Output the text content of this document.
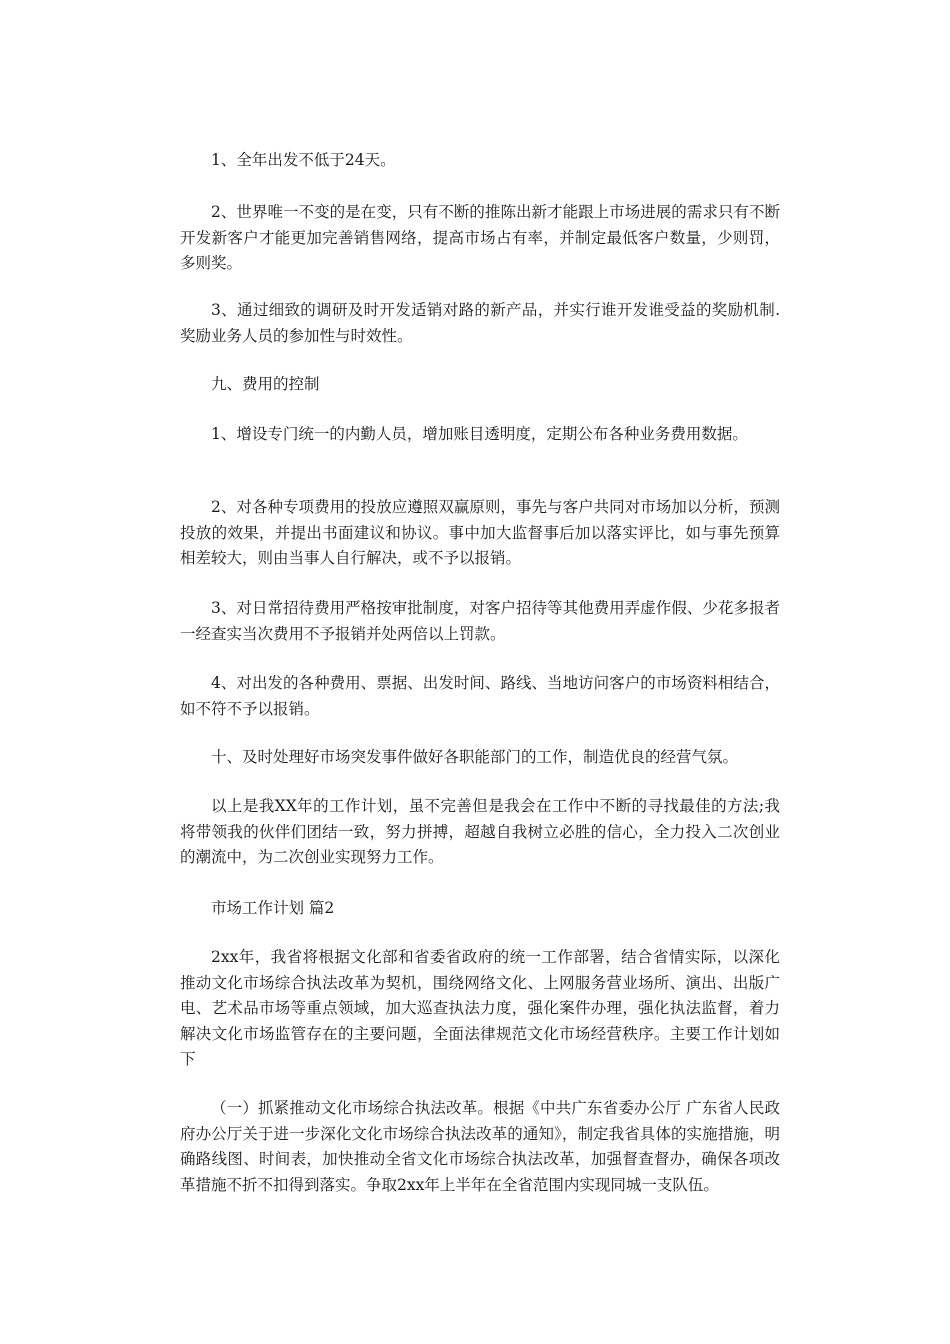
1、全年出发不低于24天。

2、世界唯一不变的是在变，只有不断的推陈出新才能跟上市场进展的需求只有不断开发新客户才能更加完善销售网络，提高市场占有率，并制定最低客户数量，少则罚，多则奖。

3、通过细致的调研及时开发适销对路的新产品，并实行谁开发谁受益的奖励机制.奖励业务人员的参加性与时效性。

九、费用的控制

1、增设专门统一的内勤人员，增加账目透明度，定期公布各种业务费用数据。

2、对各种专项费用的投放应遵照双赢原则，事先与客户共同对市场加以分析，预测投放的效果，并提出书面建议和协议。事中加大监督事后加以落实评比，如与事先预算相差较大，则由当事人自行解决，或不予以报销。

3、对日常招待费用严格按审批制度，对客户招待等其他费用弄虚作假、少花多报者一经查实当次费用不予报销并处两倍以上罚款。

4、对出发的各种费用、票据、出发时间、路线、当地访问客户的市场资料相结合，如不符不予以报销。

十、及时处理好市场突发事件做好各职能部门的工作，制造优良的经营气氛。

以上是我XX年的工作计划，虽不完善但是我会在工作中不断的寻找最佳的方法;我将带领我的伙伴们团结一致，努力拼搏，超越自我树立必胜的信心，全力投入二次创业的潮流中，为二次创业实现努力工作。

市场工作计划 篇2

2xx年，我省将根据文化部和省委省政府的统一工作部署，结合省情实际，以深化推动文化市场综合执法改革为契机，围绕网络文化、上网服务营业场所、演出、出版广电、艺术品市场等重点领域，加大巡查执法力度，强化案件办理，强化执法监督，着力解决文化市场监管存在的主要问题，全面法律规范文化市场经营秩序。主要工作计划如下

（一）抓紧推动文化市场综合执法改革。根据《中共广东省委办公厅 广东省人民政府办公厅关于进一步深化文化市场综合执法改革的通知》，制定我省具体的实施措施，明确路线图、时间表，加快推动全省文化市场综合执法改革，加强督查督办，确保各项改革措施不折不扣得到落实。争取2xx年上半年在全省范围内实现同城一支队伍。
